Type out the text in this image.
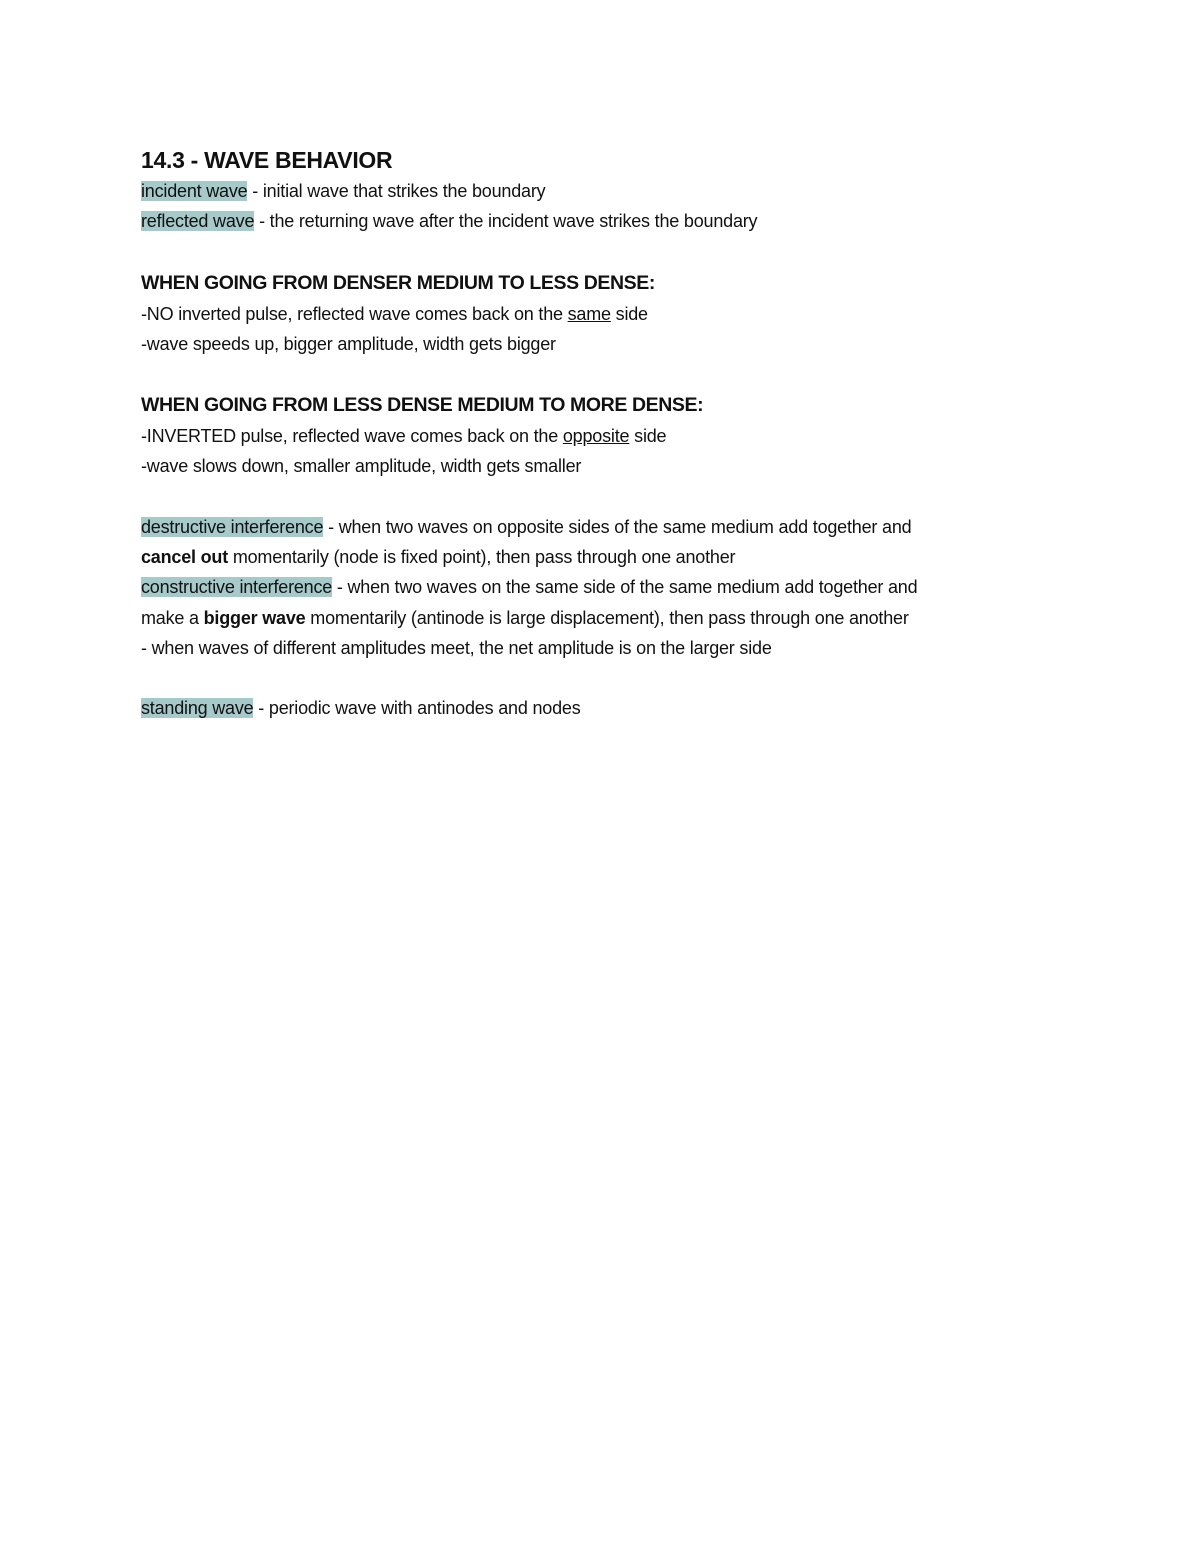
14.3 - WAVE BEHAVIOR

incident wave - initial wave that strikes the boundary

reflected wave - the returning wave after the incident wave strikes the boundary

WHEN GOING FROM DENSER MEDIUM TO LESS DENSE:

-NO inverted pulse, reflected wave comes back on the same side

-wave speeds up, bigger amplitude, width gets bigger

WHEN GOING FROM LESS DENSE MEDIUM TO MORE DENSE:

-INVERTED pulse, reflected wave comes back on the opposite side

-wave slows down, smaller amplitude, width gets smaller

destructive interference - when two waves on opposite sides of the same medium add together and

cancel out momentarily (node is fixed point), then pass through one another

constructive interference - when two waves on the same side of the same medium add together and

make a bigger wave momentarily (antinode is large displacement), then pass through one another

- when waves of different amplitudes meet, the net amplitude is on the larger side

standing wave - periodic wave with antinodes and nodes
